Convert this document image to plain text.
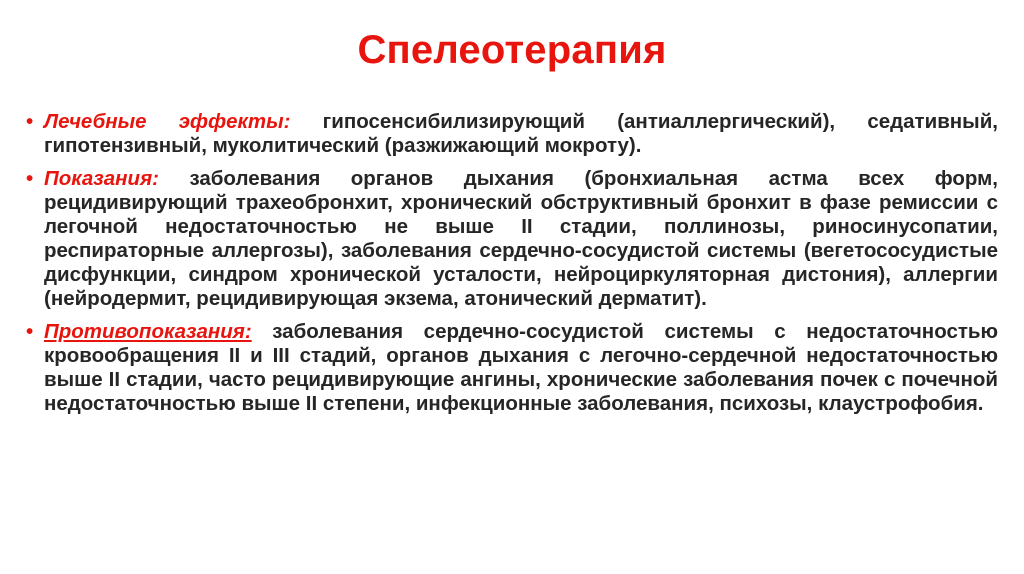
Спелеотерапия

• Лечебные эффекты: гипосенсибилизирующий (антиаллергический), седативный, гипотензивный, муколитический (разжижающий мокроту).

• Показания: заболевания органов дыхания (бронхиальная астма всех форм, рецидивирующий трахеобронхит, хронический обструктивный бронхит в фазе ремиссии с легочной недостаточностью не выше II стадии, поллинозы, риносинусопатии, респираторные аллергозы), заболевания сердечно-сосудистой системы (вегетососудистые дисфункции, синдром хронической усталости, нейроциркуляторная дистония), аллергии (нейродермит, рецидивирующая экзема, атонический дерматит).

• Противопоказания: заболевания сердечно-сосудистой системы с недостаточностью кровообращения II и III стадий, органов дыхания с легочно-сердечной недостаточностью выше II стадии, часто рецидивирующие ангины, хронические заболевания почек с почечной недостаточностью выше II степени, инфекционные заболевания, психозы, клаустрофобия.
